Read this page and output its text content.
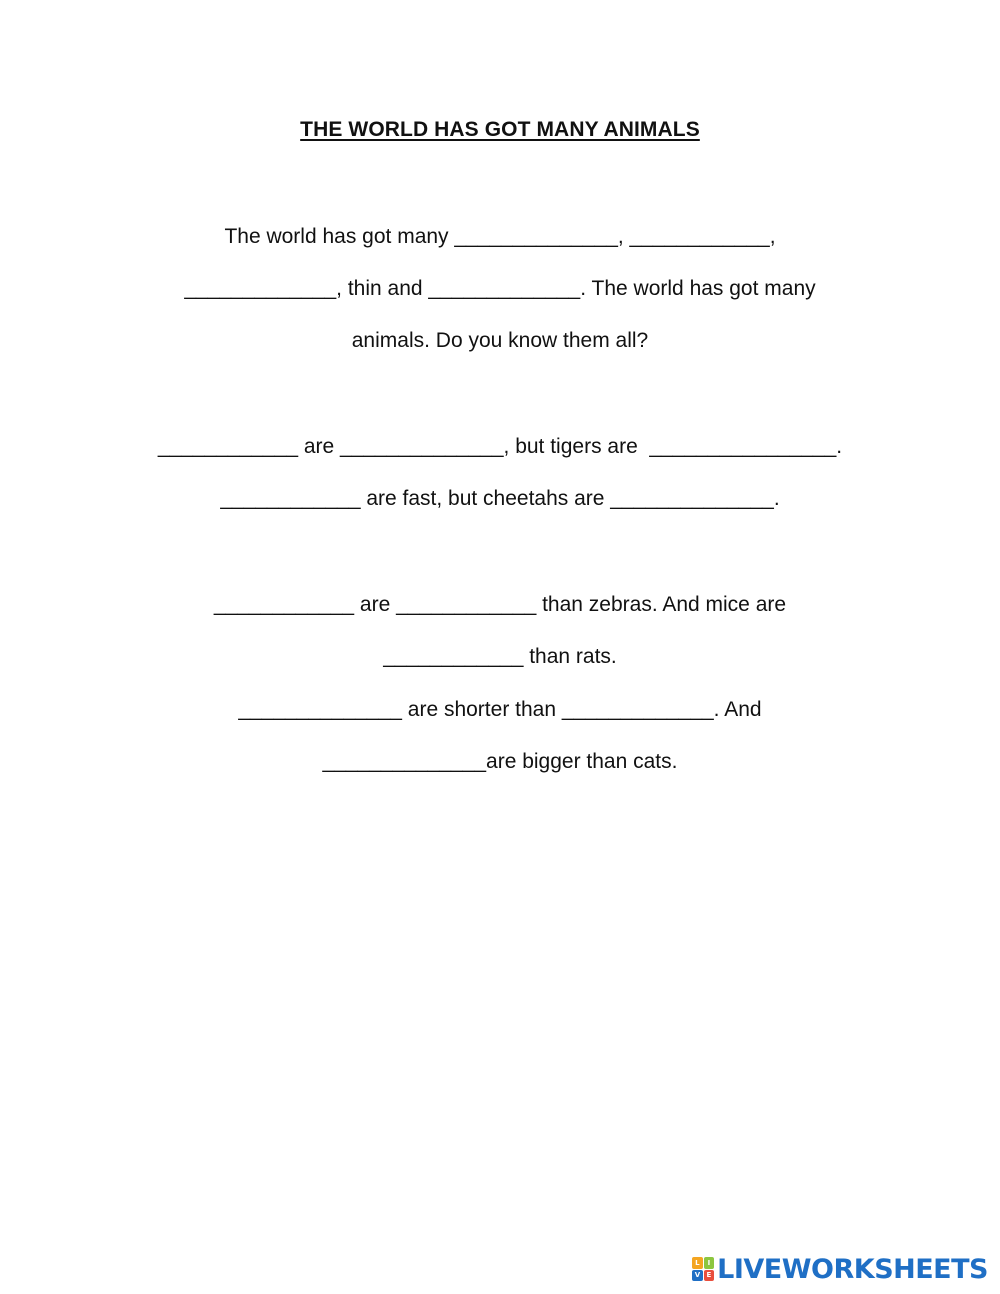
THE WORLD HAS GOT MANY ANIMALS
The world has got many ______________, ____________,
_____________, thin and _____________. The world has got many
animals. Do you know them all?
____________ are ______________, but tigers are  ________________.
____________ are fast, but cheetahs are ______________.
____________ are ____________ than zebras. And mice are
____________ than rats.
______________ are shorter than _____________. And
______________are bigger than cats.
L	I
V E LIVEWORKSHEETS
